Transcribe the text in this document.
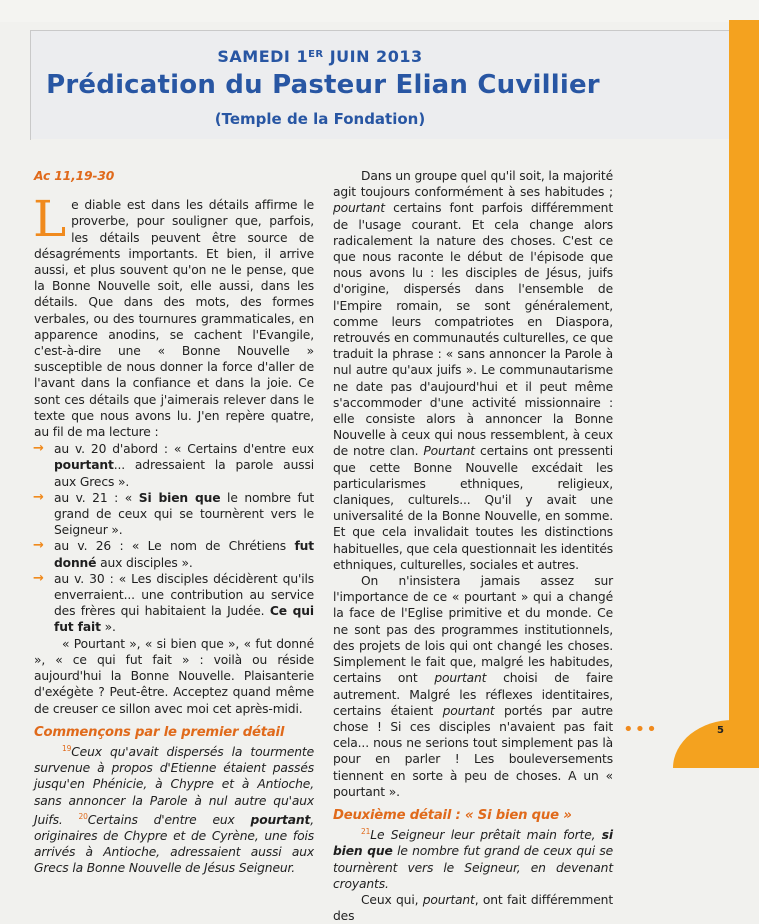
SAMEDI 1ER JUIN 2013
Prédication du Pasteur Elian Cuvillier
(Temple de la Fondation)
Ac 11,19-30

Le diable est dans les détails affirme le proverbe, pour souligner que, parfois, les détails peuvent être source de désagréments importants. Et bien, il arrive aussi, et plus souvent qu'on ne le pense, que la Bonne Nouvelle soit, elle aussi, dans les détails. Que dans des mots, des formes verbales, ou des tournures grammaticales, en apparence anodins, se cachent l'Evangile, c'est-à-dire une « Bonne Nouvelle » susceptible de nous donner la force d'aller de l'avant dans la confiance et dans la joie. Ce sont ces détails que j'aimerais relever dans le texte que nous avons lu. J'en repère quatre, au fil de ma lecture :

→ au v. 20 d'abord : « Certains d'entre eux pourtant... adressaient la parole aussi aux Grecs ».
→ au v. 21 : « Si bien que le nombre fut grand de ceux qui se tournèrent vers le Seigneur ».
→ au v. 26 : « Le nom de Chrétiens fut donné aux disciples ».
→ au v. 30 : « Les disciples décidèrent qu'ils enverraient... une contribution au service des frères qui habitaient la Judée. Ce qui fut fait ».

« Pourtant », « si bien que », « fut donné », « ce qui fut fait » : voilà ou réside aujourd'hui la Bonne Nouvelle. Plaisanterie d'exégète ? Peut-être. Acceptez quand même de creuser ce sillon avec moi cet après-midi.

Commençons par le premier détail

$^{19}$Ceux qu'avait dispersés la tourmente survenue à propos d'Etienne étaient passés jusqu'en Phénicie, à Chypre et à Antioche, sans annoncer la Parole à nul autre qu'aux Juifs. $^{20}$Certains d'entre eux pourtant, originaires de Chypre et de Cyrène, une fois arrivés à Antioche, adressaient aussi aux Grecs la Bonne Nouvelle de Jésus Seigneur.

Dans un groupe quel qu'il soit, la majorité agit toujours conformément à ses habitudes ; pourtant certains font parfois différemment de l'usage courant. Et cela change alors radicalement la nature des choses. C'est ce que nous raconte le début de l'épisode que nous avons lu : les disciples de Jésus, juifs d'origine, dispersés dans l'ensemble de l'Empire romain, se sont généralement, comme leurs compatriotes en Diaspora, retrouvés en communautés culturelles, ce que traduit la phrase : « sans annoncer la Parole à nul autre qu'aux juifs ». Le communautarisme ne date pas d'aujourd'hui et il peut même s'accommoder d'une activité missionnaire : elle consiste alors à annoncer la Bonne Nouvelle à ceux qui nous ressemblent, à ceux de notre clan. Pourtant certains ont pressenti que cette Bonne Nouvelle excédait les particularismes ethniques, religieux, claniques, culturels... Qu'il y avait une universalité de la Bonne Nouvelle, en somme. Et que cela invalidait toutes les distinctions habituelles, que cela questionnait les identités ethniques, culturelles, sociales et autres.

On n'insistera jamais assez sur l'importance de ce « pourtant » qui a changé la face de l'Eglise primitive et du monde. Ce ne sont pas des programmes institutionnels, des projets de lois qui ont changé les choses. Simplement le fait que, malgré les habitudes, certains ont pourtant choisi de faire autrement. Malgré les réflexes identitaires, certains étaient pourtant portés par autre chose ! Si ces disciples n'avaient pas fait cela... nous ne serions tout simplement pas là pour en parler ! Les bouleversements tiennent en sorte à peu de choses. A un « pourtant ».

Deuxième détail : « Si bien que »

$^{21}$Le Seigneur leur prêtait main forte, si bien que le nombre fut grand de ceux qui se tournèrent vers le Seigneur, en devenant croyants.

Ceux qui, pourtant, ont fait différemment des

•••	5
